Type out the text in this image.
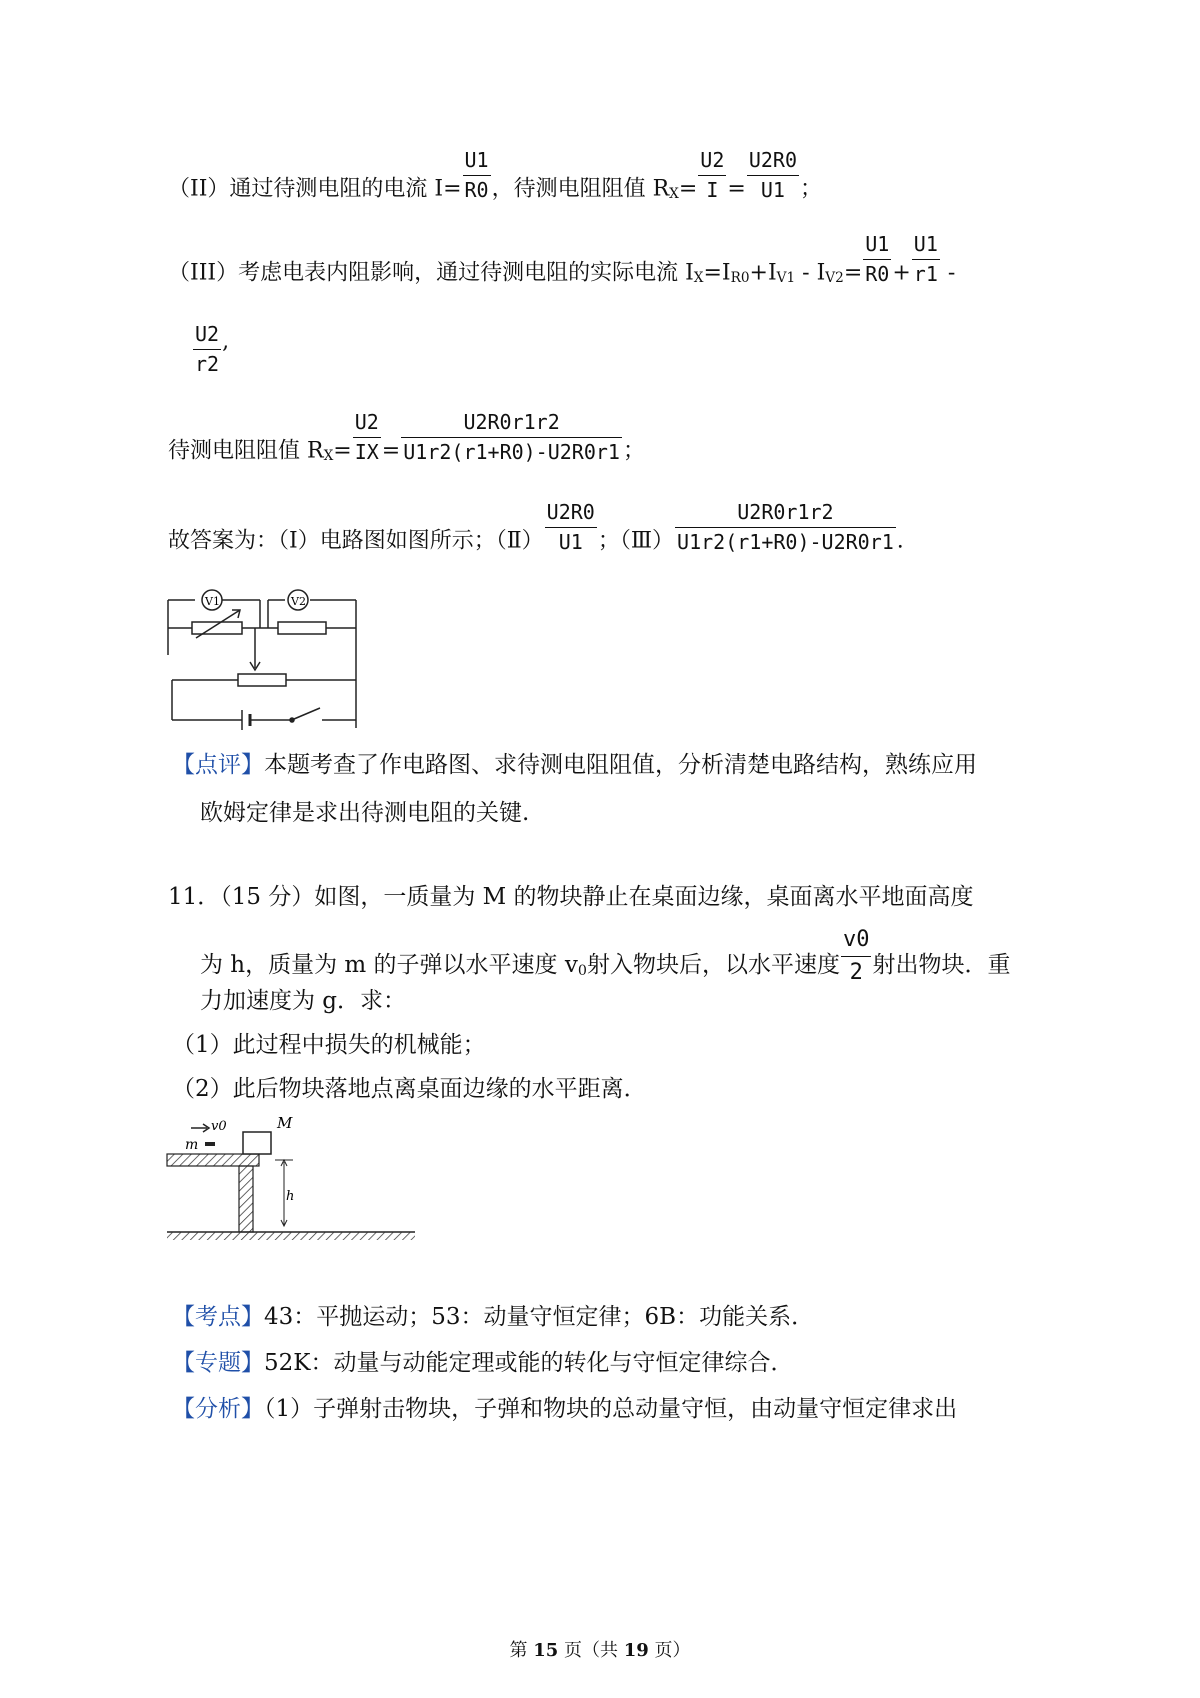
（II）通过待测电阻的电流 $I= \frac{U1}{R0}$ ，待测电阻阻值 $R_X= \frac{U2}{I} = \frac{U2R0}{U1}$ ；
（III）考虑电表内阻影响，通过待测电阻的实际电流 $I_X=I_{R0}+I_{V1} - I_{V2}= \frac{U1}{R0} + \frac{U1}{r1}$ -
$\frac{U2}{r2}$ ,
待测电阻阻值 $R_X= \frac{U2}{IX} = \frac{U2R0r1r2}{U1r2(r1+R0)-U2R0r1}$ ；
故答案为：（Ⅰ）电路图如图所示；（Ⅱ） $\frac{U2R0}{U1}$ ；（Ⅲ） $\frac{U2R0r1r2}{U1r2(r1+R0)-U2R0r1}$ .
V1	V2
【点评】本题考查了作电路图、求待测电阻阻值，分析清楚电路结构，熟练应用
欧姆定律是求出待测电阻的关键.
11．（15 分）如图，一质量为 M 的物块静止在桌面边缘，桌面离水平地面高度
为 h，质量为 m 的子弹以水平速度 $v_0$射入物块后，以水平速度 $\frac{v0}{2}$ 射出物块．重
力加速度为 g．求：
（1）此过程中损失的机械能；
（2）此后物块落地点离桌面边缘的水平距离．
v0
m
M
h
【考点】43：平抛运动；53：动量守恒定律；6B：功能关系．
【专题】52K：动量与动能定理或能的转化与守恒定律综合．
【分析】（1）子弹射击物块，子弹和物块的总动量守恒，由动量守恒定律求出
第 15 页（共 19 页）
